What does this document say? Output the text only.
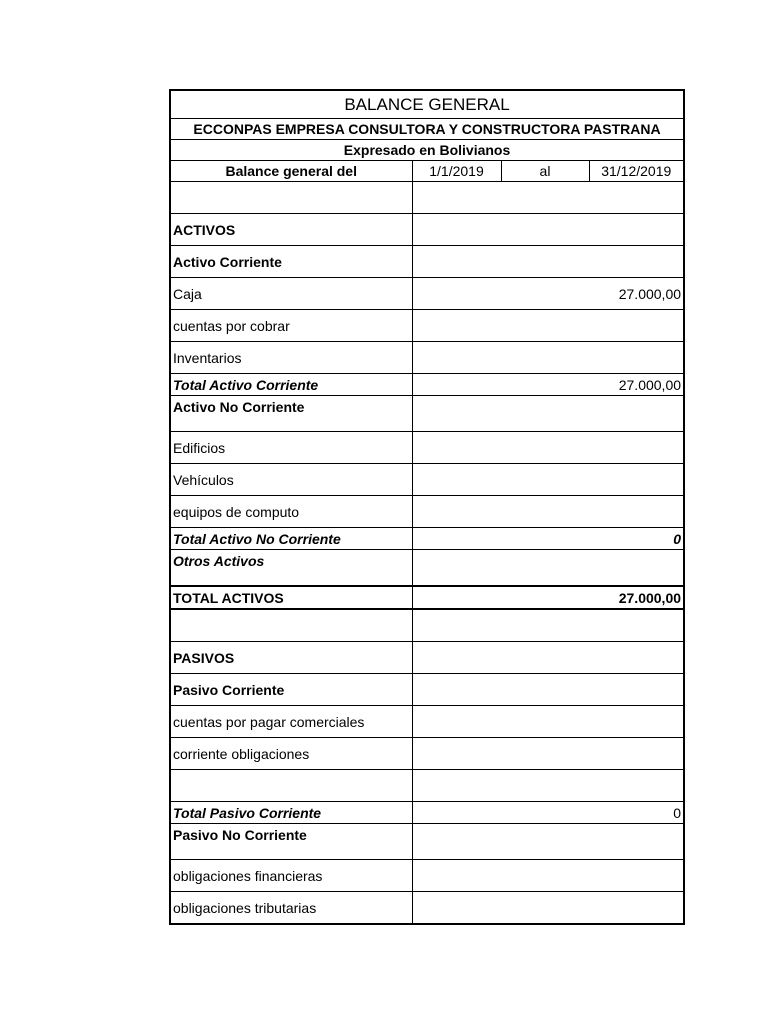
BALANCE GENERAL			
ECCONPAS EMPRESA CONSULTORA Y CONSTRUCTORA PASTRANA			
Expresado en Bolivianos			
Balance general del	1/1/2019	al	31/12/2019

ACTIVOS			
Activo Corriente			
Caja	27.000,00		
cuentas por cobrar			
Inventarios			
Total Activo Corriente	27.000,00		
Activo No Corriente			
Edificios			
Vehículos			
equipos de computo			
Total Activo No Corriente	0		
Otros Activos			
TOTAL ACTIVOS	27.000,00		

PASIVOS			
Pasivo Corriente			
cuentas por pagar comerciales			
corriente obligaciones			

Total Pasivo Corriente	0		
Pasivo No Corriente			
obligaciones financieras			
obligaciones tributarias			
